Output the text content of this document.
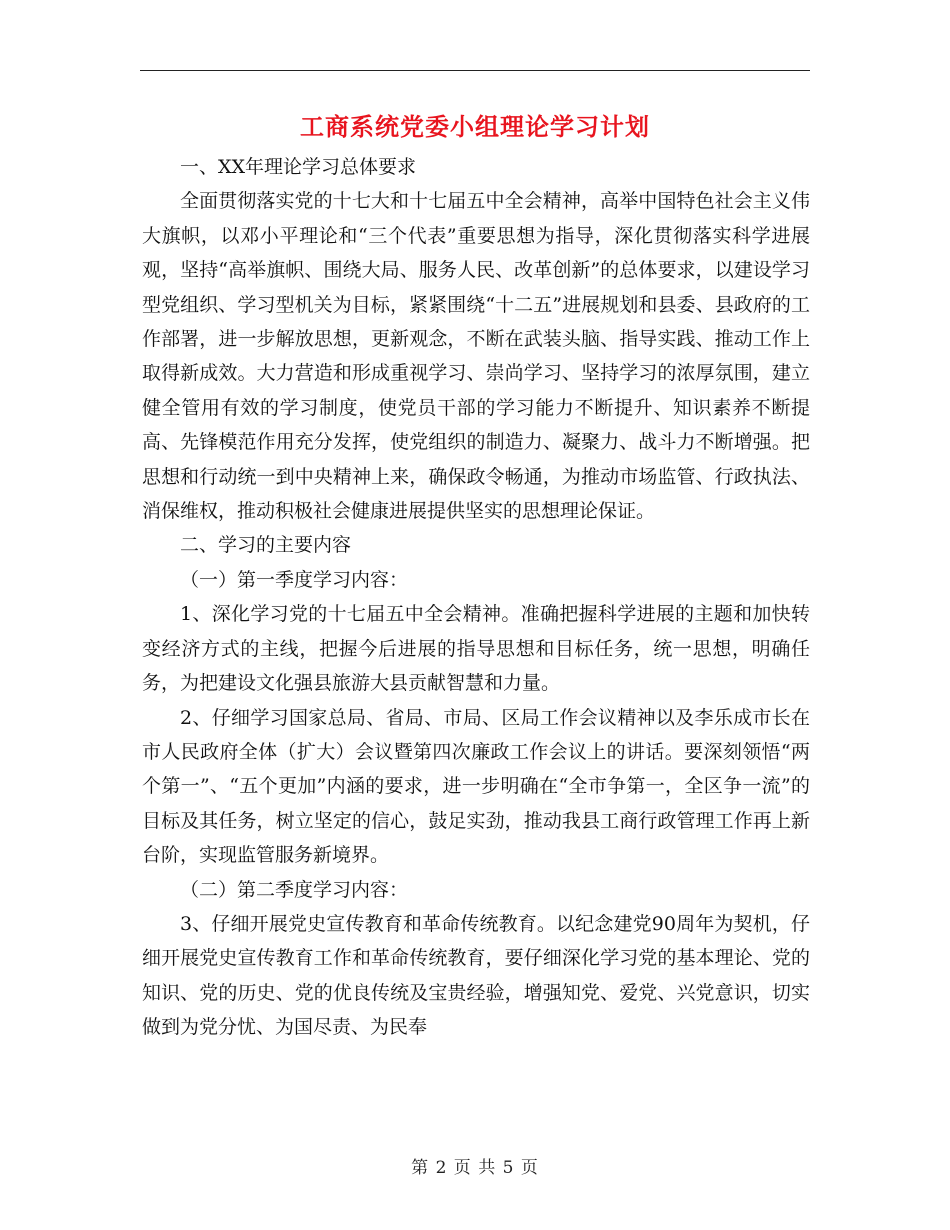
工商系统党委小组理论学习计划

一、XX年理论学习总体要求

全面贯彻落实党的十七大和十七届五中全会精神，高举中国特色社会主义伟大旗帜，以邓小平理论和“三个代表”重要思想为指导，深化贯彻落实科学进展观，坚持“高举旗帜、围绕大局、服务人民、改革创新”的总体要求，以建设学习型党组织、学习型机关为目标，紧紧围绕“十二五”进展规划和县委、县政府的工作部署，进一步解放思想，更新观念，不断在武装头脑、指导实践、推动工作上取得新成效。大力营造和形成重视学习、崇尚学习、坚持学习的浓厚氛围，建立健全管用有效的学习制度，使党员干部的学习能力不断提升、知识素养不断提高、先锋模范作用充分发挥，使党组织的制造力、凝聚力、战斗力不断增强。把思想和行动统一到中央精神上来，确保政令畅通，为推动市场监管、行政执法、消保维权，推动积极社会健康进展提供坚实的思想理论保证。

二、学习的主要内容

（一）第一季度学习内容：

1、深化学习党的十七届五中全会精神。准确把握科学进展的主题和加快转变经济方式的主线，把握今后进展的指导思想和目标任务，统一思想，明确任务，为把建设文化强县旅游大县贡献智慧和力量。

2、仔细学习国家总局、省局、市局、区局工作会议精神以及李乐成市长在市人民政府全体（扩大）会议暨第四次廉政工作会议上的讲话。要深刻领悟“两个第一”、“五个更加”内涵的要求，进一步明确在“全市争第一，全区争一流”的目标及其任务，树立坚定的信心，鼓足实劲，推动我县工商行政管理工作再上新台阶，实现监管服务新境界。

（二）第二季度学习内容：

3、仔细开展党史宣传教育和革命传统教育。以纪念建党90周年为契机，仔细开展党史宣传教育工作和革命传统教育，要仔细深化学习党的基本理论、党的知识、党的历史、党的优良传统及宝贵经验，增强知党、爱党、兴党意识，切实做到为党分忧、为国尽责、为民奉

第 2 页 共 5 页
